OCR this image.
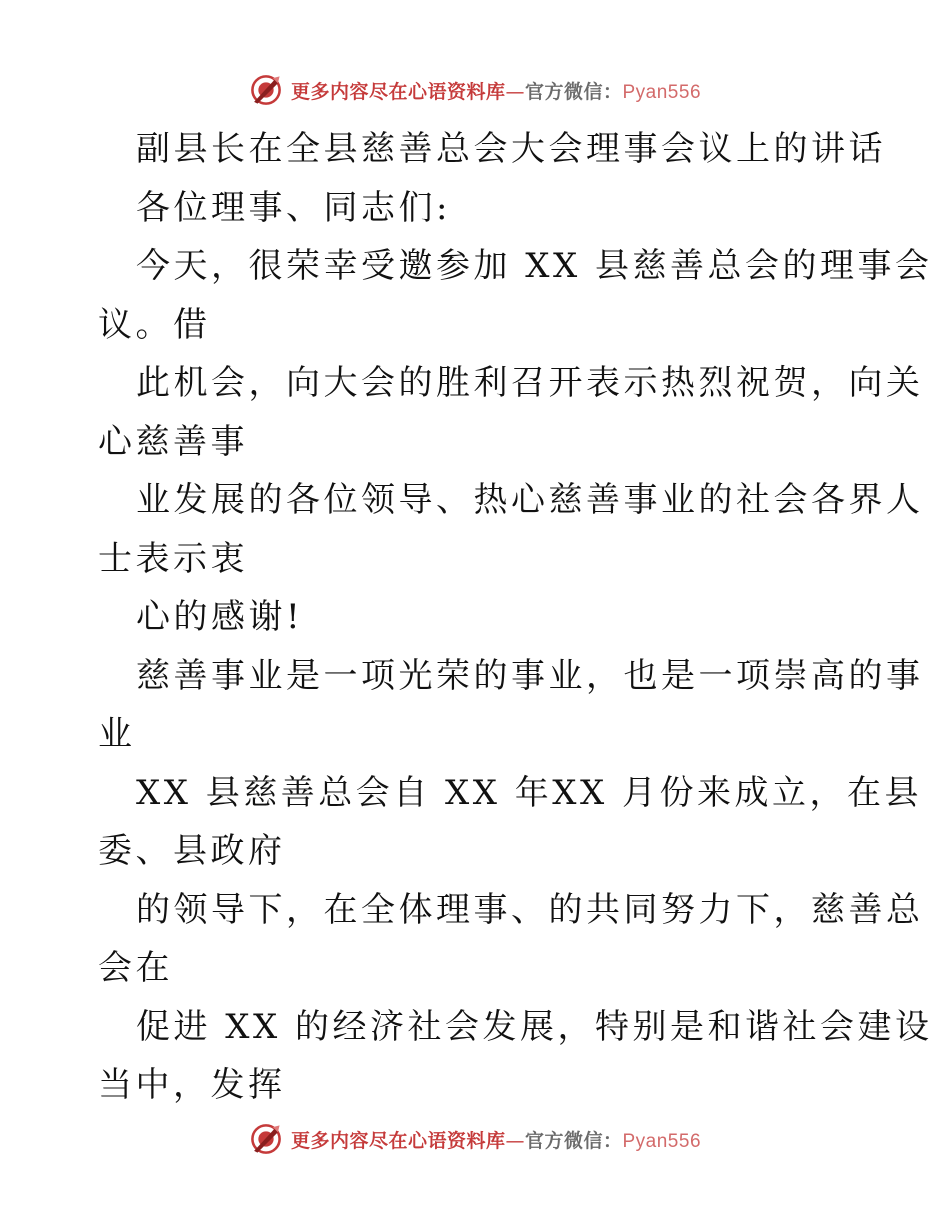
更多内容尽在心语资料库—官方微信：Pyan556
副县长在全县慈善总会大会理事会议上的讲话
各位理事、同志们:
今天，很荣幸受邀参加 XX 县慈善总会的理事会
议。借
此机会，向大会的胜利召开表示热烈祝贺，向关
心慈善事
业发展的各位领导、热心慈善事业的社会各界人
士表示衷
心的感谢!
慈善事业是一项光荣的事业，也是一项崇高的事
业
XX 县慈善总会自 XX 年XX 月份来成立，在县
委、县政府
的领导下，在全体理事、的共同努力下，慈善总
会在
促进 XX 的经济社会发展，特别是和谐社会建设
当中，发挥
更多内容尽在心语资料库—官方微信：Pyan556
